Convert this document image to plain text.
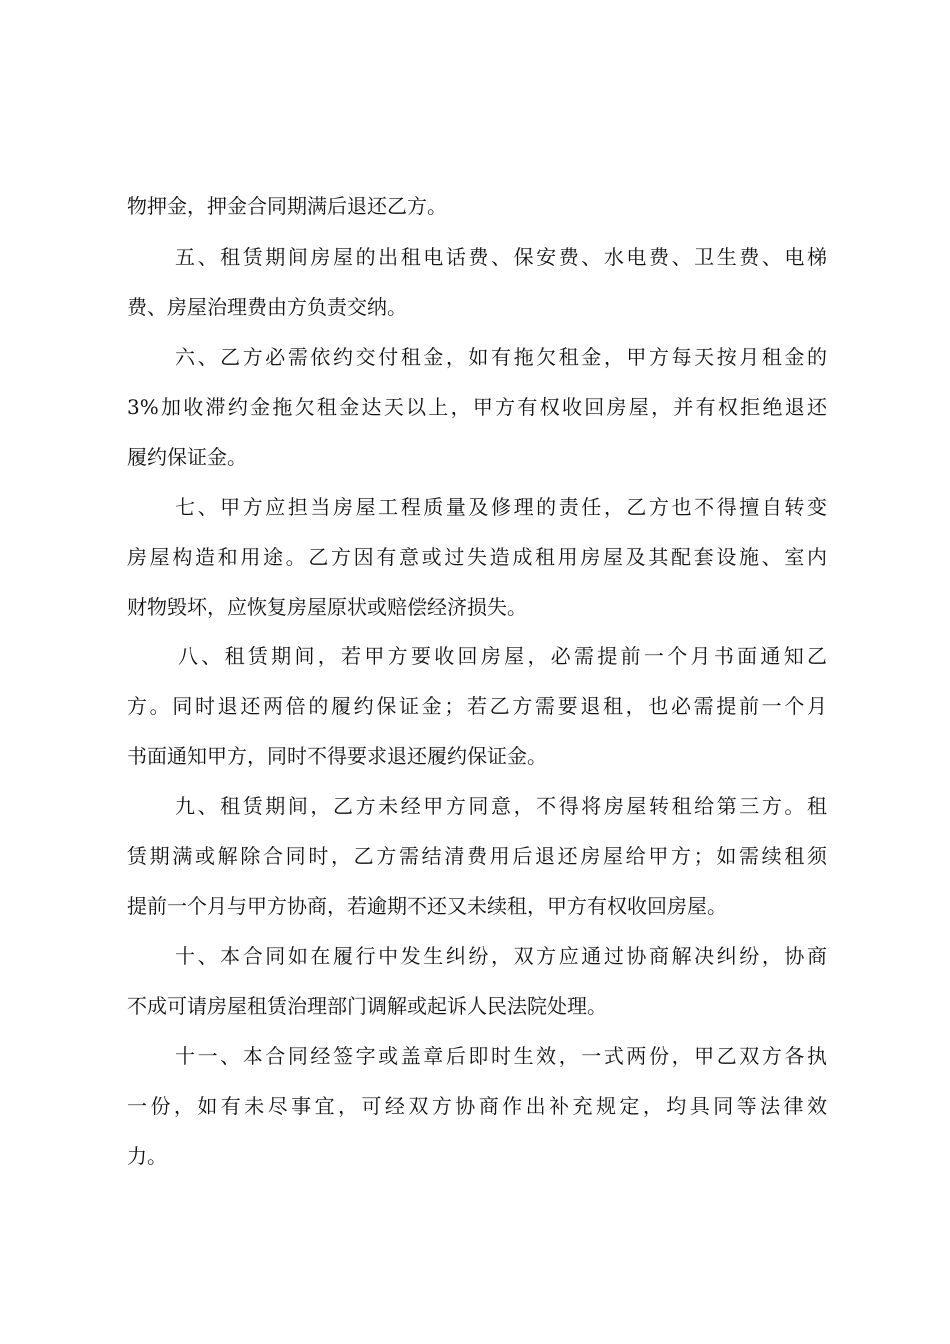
物押金，押金合同期满后退还乙方。
五、租赁期间房屋的出租电话费、保安费、水电费、卫生费、电梯
费、房屋治理费由方负责交纳。
六、乙方必需依约交付租金，如有拖欠租金，甲方每天按月租金的
3%加收滞约金拖欠租金达天以上，甲方有权收回房屋，并有权拒绝退还
履约保证金。
七、甲方应担当房屋工程质量及修理的责任，乙方也不得擅自转变
房屋构造和用途。乙方因有意或过失造成租用房屋及其配套设施、室内
财物毁坏，应恢复房屋原状或赔偿经济损失。
八、租赁期间，若甲方要收回房屋，必需提前一个月书面通知乙
方。同时退还两倍的履约保证金；若乙方需要退租，也必需提前一个月
书面通知甲方，同时不得要求退还履约保证金。
九、租赁期间，乙方未经甲方同意，不得将房屋转租给第三方。租
赁期满或解除合同时，乙方需结清费用后退还房屋给甲方；如需续租须
提前一个月与甲方协商，若逾期不还又未续租，甲方有权收回房屋。
十、本合同如在履行中发生纠纷，双方应通过协商解决纠纷，协商
不成可请房屋租赁治理部门调解或起诉人民法院处理。
十一、本合同经签字或盖章后即时生效，一式两份，甲乙双方各执
一份，如有未尽事宜，可经双方协商作出补充规定，均具同等法律效
力。
